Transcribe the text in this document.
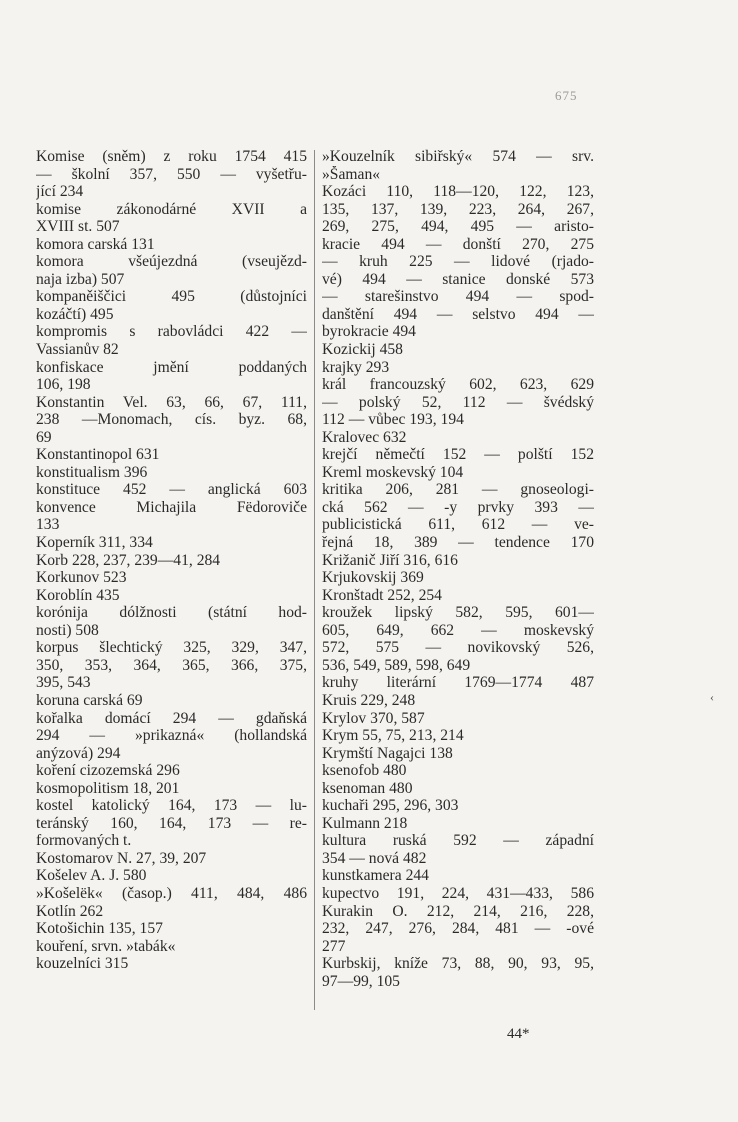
675
Komise (sněm) z roku 1754 415
— školní 357, 550 — vyšetřu-
jící 234
komise zákonodárné XVII a
XVIII st. 507
komora carská 131
komora všeújezdná (vseujězd-
naja izba) 507
kompaněiščici 495 (důstojníci
kozáčtí) 495
kompromis s rabovládci 422 —
Vassianův 82
konfiskace jmění poddaných
106, 198
Konstantin Vel. 63, 66, 67, 111,
238 —Monomach, cís. byz. 68,
69
Konstantinopol 631
konstitualism 396
konstituce 452 — anglická 603
konvence Michajila Fëdoroviče
133
Koperník 311, 334
Korb 228, 237, 239—41, 284
Korkunov 523
Koroblín 435
korónija dólžnosti (státní hod-
nosti) 508
korpus šlechtický 325, 329, 347,
350, 353, 364, 365, 366, 375,
395, 543
koruna carská 69
kořalka domácí 294 — gdaňská
294 — »prikazná« (hollandská
anýzová) 294
koření cizozemská 296
kosmopolitism 18, 201
kostel katolický 164, 173 — lu-
teránský 160, 164, 173 — re-
formovaných t.
Kostomarov N. 27, 39, 207
Košelev A. J. 580
»Košelëk« (časop.) 411, 484, 486
Kotlín 262
Kotošichin 135, 157
kouření, srvn. »tabák«
kouzelníci 315
»Kouzelník sibiřský« 574 — srv.
»Šaman«
Kozáci 110, 118—120, 122, 123,
135, 137, 139, 223, 264, 267,
269, 275, 494, 495 — aristo-
kracie 494 — donští 270, 275
— kruh 225 — lidové (rjado-
vé) 494 — stanice donské 573
— starešinstvo 494 — spod-
danštění 494 — selstvo 494 —
byrokracie 494
Kozickij 458
krajky 293
král francouzský 602, 623, 629
— polský 52, 112 — švédský
112 — vůbec 193, 194
Kralovec 632
krejčí němečtí 152 — polští 152
Kreml moskevský 104
kritika 206, 281 — gnoseologi-
cká 562 — -y prvky 393 —
publicistická 611, 612 — ve-
řejná 18, 389 — tendence 170
Križanič Jiří 316, 616
Krjukovskij 369
Kronštadt 252, 254
kroužek lipský 582, 595, 601—
605, 649, 662 — moskevský
572, 575 — novikovský 526,
536, 549, 589, 598, 649
kruhy literární 1769—1774 487
Kruis 229, 248
Krylov 370, 587
Krym 55, 75, 213, 214
Krymští Nagajci 138
ksenofob 480
ksenoman 480
kuchaři 295, 296, 303
Kulmann 218
kultura ruská 592 — západní
354 — nová 482
kunstkamera 244
kupectvo 191, 224, 431—433, 586
Kurakin O. 212, 214, 216, 228,
232, 247, 276, 284, 481 — -ové
277
Kurbskij, kníže 73, 88, 90, 93, 95,
97—99, 105
‹
44*
